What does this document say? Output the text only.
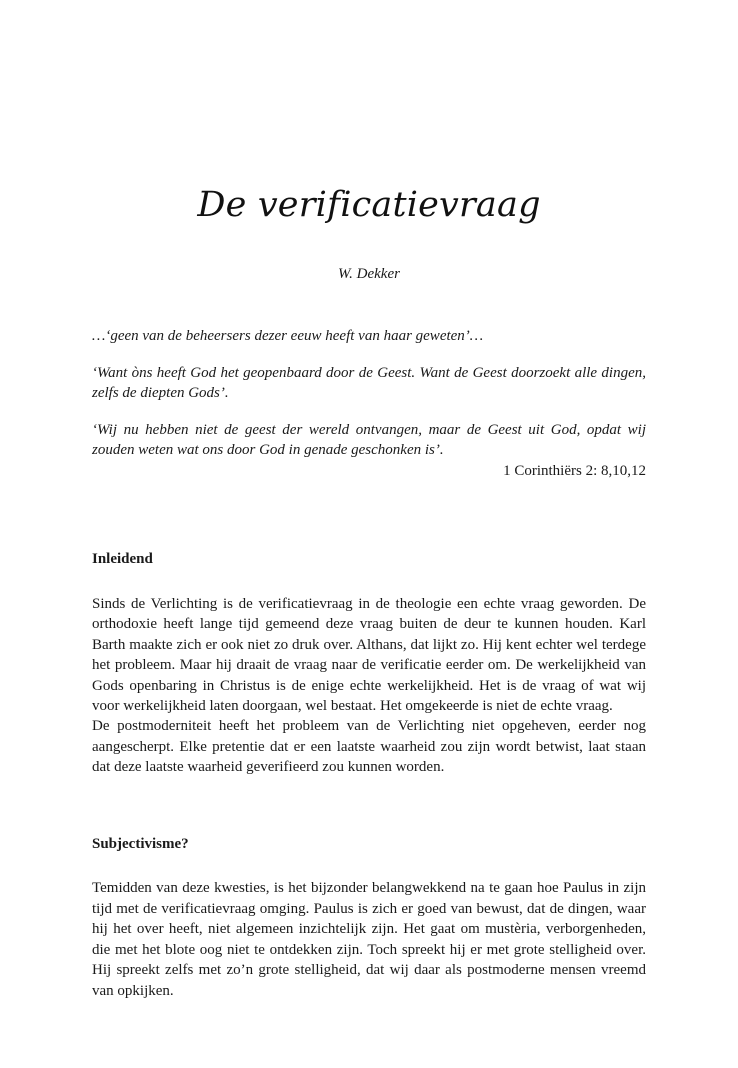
De verificatievraag
W. Dekker

…‘geen van de beheersers dezer eeuw heeft van haar geweten’…

‘Want òns heeft God het geopenbaard door de Geest. Want de Geest doorzoekt alle dingen, zelfs de diepten Gods’.

‘Wij nu hebben niet de geest der wereld ontvangen, maar de Geest uit God, opdat wij zouden weten wat ons door God in genade geschonken is’.

1 Corinthiërs 2: 8,10,12
Inleidend

Sinds de Verlichting is de verificatievraag in de theologie een echte vraag geworden. De orthodoxie heeft lange tijd gemeend deze vraag buiten de deur te kunnen houden. Karl Barth maakte zich er ook niet zo druk over. Althans, dat lijkt zo. Hij kent echter wel terdege het probleem. Maar hij draait de vraag naar de verificatie eerder om. De werkelijkheid van Gods openbaring in Christus is de enige echte werkelijkheid. Het is de vraag of wat wij voor werkelijkheid laten doorgaan, wel bestaat. Het omgekeerde is niet de echte vraag.

De postmoderniteit heeft het probleem van de Verlichting niet opgeheven, eerder nog aangescherpt. Elke pretentie dat er een laatste waarheid zou zijn wordt betwist, laat staan dat deze laatste waarheid geverifieerd zou kunnen worden.

Subjectivisme?

Temidden van deze kwesties, is het bijzonder belangwekkend na te gaan hoe Paulus in zijn tijd met de verificatievraag omging. Paulus is zich er goed van bewust, dat de dingen, waar hij het over heeft, niet algemeen inzichtelijk zijn. Het gaat om mustèria, verborgenheden, die met het blote oog niet te ontdekken zijn. Toch spreekt hij er met grote stelligheid over. Hij spreekt zelfs met zo’n grote stelligheid, dat wij daar als postmoderne mensen vreemd van opkijken.
